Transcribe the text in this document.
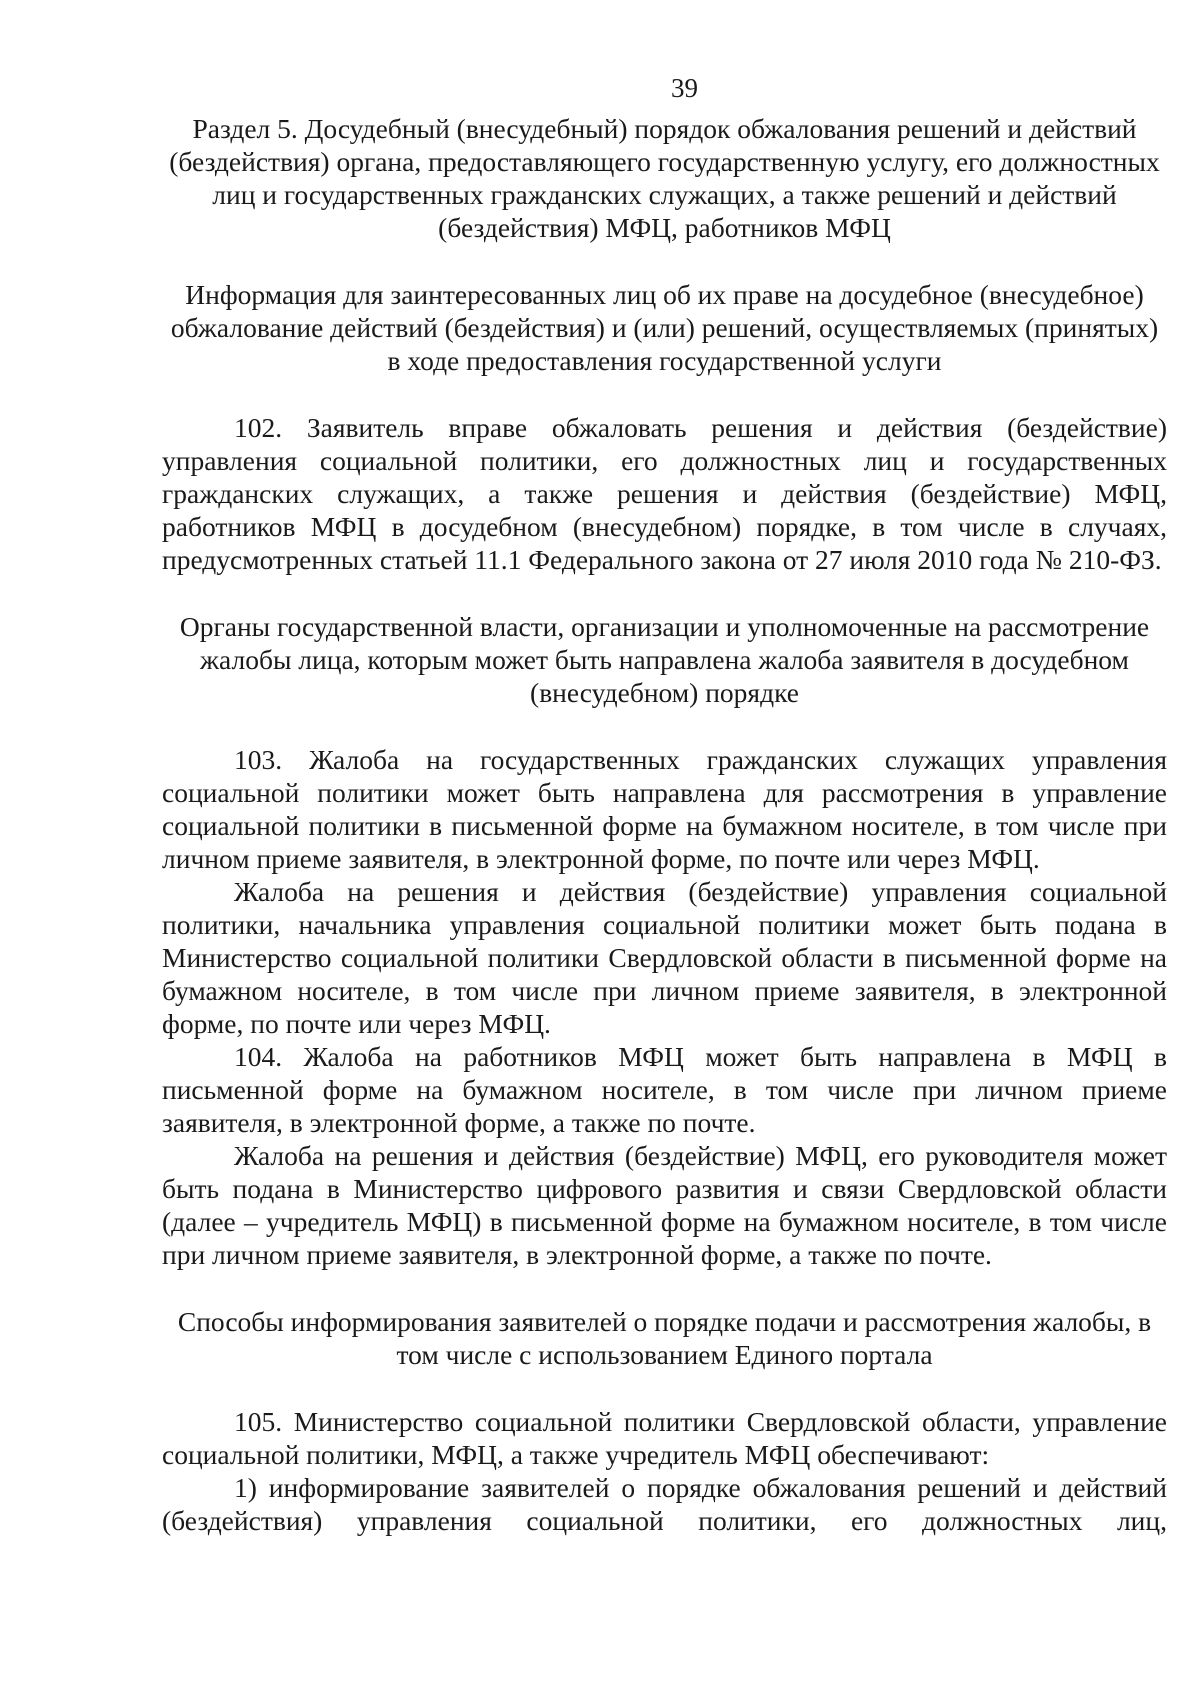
39

Раздел 5. Досудебный (внесудебный) порядок обжалования решений и действий (бездействия) органа, предоставляющего государственную услугу, его должностных лиц и государственных гражданских служащих, а также решений и действий (бездействия) МФЦ, работников МФЦ

Информация для заинтересованных лиц об их праве на досудебное (внесудебное) обжалование действий (бездействия) и (или) решений, осуществляемых (принятых) в ходе предоставления государственной услуги

102. Заявитель вправе обжаловать решения и действия (бездействие) управления социальной политики, его должностных лиц и государственных гражданских служащих, а также решения и действия (бездействие) МФЦ, работников МФЦ в досудебном (внесудебном) порядке, в том числе в случаях, предусмотренных статьей 11.1 Федерального закона от 27 июля 2010 года № 210-ФЗ.

Органы государственной власти, организации и уполномоченные на рассмотрение жалобы лица, которым может быть направлена жалоба заявителя в досудебном (внесудебном) порядке

103. Жалоба на государственных гражданских служащих управления социальной политики может быть направлена для рассмотрения в управление социальной политики в письменной форме на бумажном носителе, в том числе при личном приеме заявителя, в электронной форме, по почте или через МФЦ.

Жалоба на решения и действия (бездействие) управления социальной политики, начальника управления социальной политики может быть подана в Министерство социальной политики Свердловской области в письменной форме на бумажном носителе, в том числе при личном приеме заявителя, в электронной форме, по почте или через МФЦ.

104. Жалоба на работников МФЦ может быть направлена в МФЦ в письменной форме на бумажном носителе, в том числе при личном приеме заявителя, в электронной форме, а также по почте.

Жалоба на решения и действия (бездействие) МФЦ, его руководителя может быть подана в Министерство цифрового развития и связи Свердловской области (далее – учредитель МФЦ) в письменной форме на бумажном носителе, в том числе при личном приеме заявителя, в электронной форме, а также по почте.

Способы информирования заявителей о порядке подачи и рассмотрения жалобы, в том числе с использованием Единого портала

105. Министерство социальной политики Свердловской области, управление социальной политики, МФЦ, а также учредитель МФЦ обеспечивают:

1) информирование заявителей о порядке обжалования решений и действий (бездействия) управления социальной политики, его должностных лиц,
